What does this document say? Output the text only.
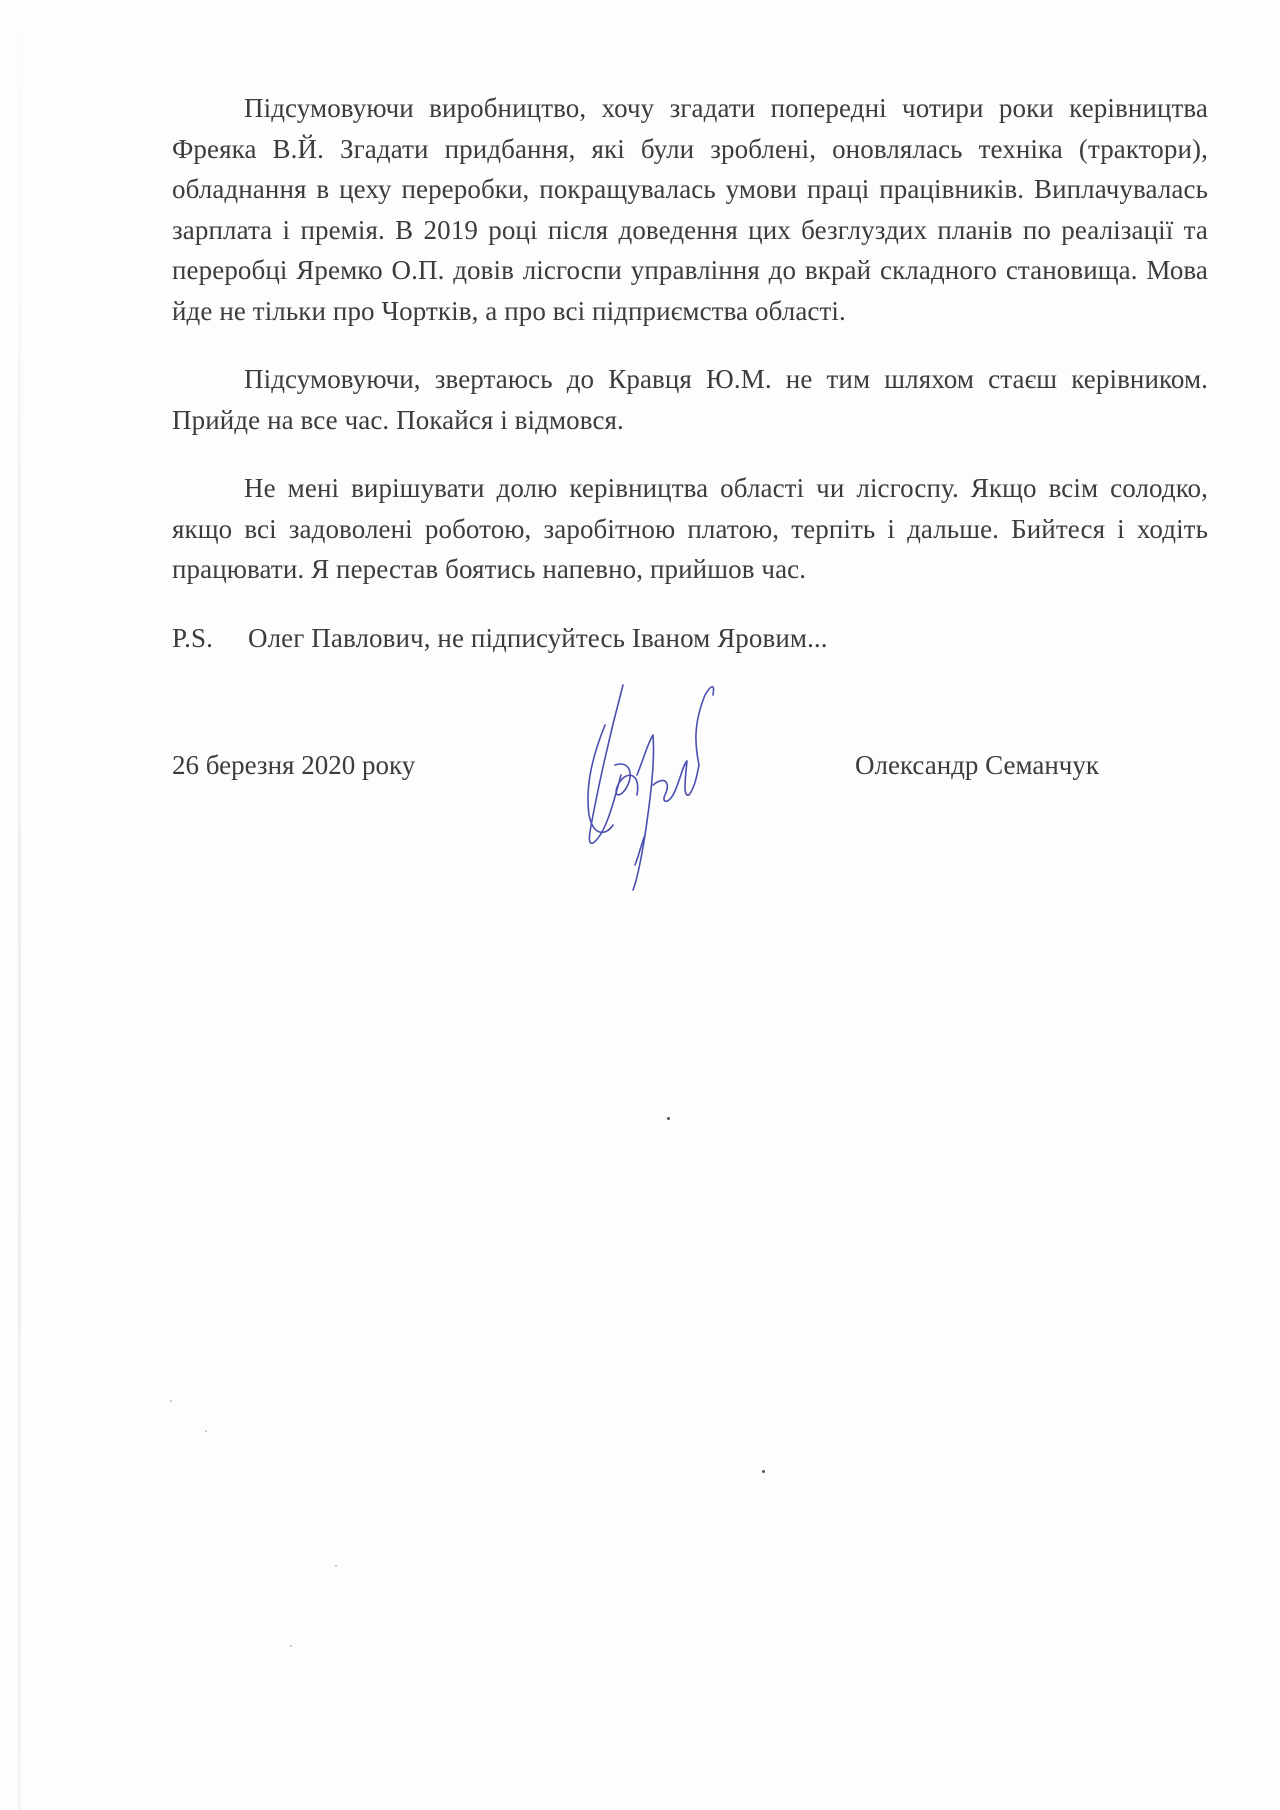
Підсумовуючи виробництво, хочу згадати попередні чотири роки керівництва Фреяка В.Й. Згадати придбання, які були зроблені, оновлялась техніка (трактори), обладнання в цеху переробки, покращувалась умови праці працівників. Виплачувалась зарплата і премія. В 2019 році після доведення цих безглуздих планів по реалізації та переробці Яремко О.П. довів лісгоспи управління до вкрай складного становища. Мова йде не тільки про Чортків, а про всі підприємства області.

Підсумовуючи, звертаюсь до Кравця Ю.М. не тим шляхом стаєш керівником. Прийде на все час. Покайся і відмовся.

Не мені вирішувати долю керівництва області чи лісгоспу. Якщо всім солодко, якщо всі задоволені роботою, заробітною платою, терпіть і дальше. Бийтеся і ходіть працювати. Я перестав боятись напевно, прийшов час.

P.S. Олег Павлович, не підписуйтесь Іваном Яровим...

26 березня 2020 року	Олександр Семанчук
